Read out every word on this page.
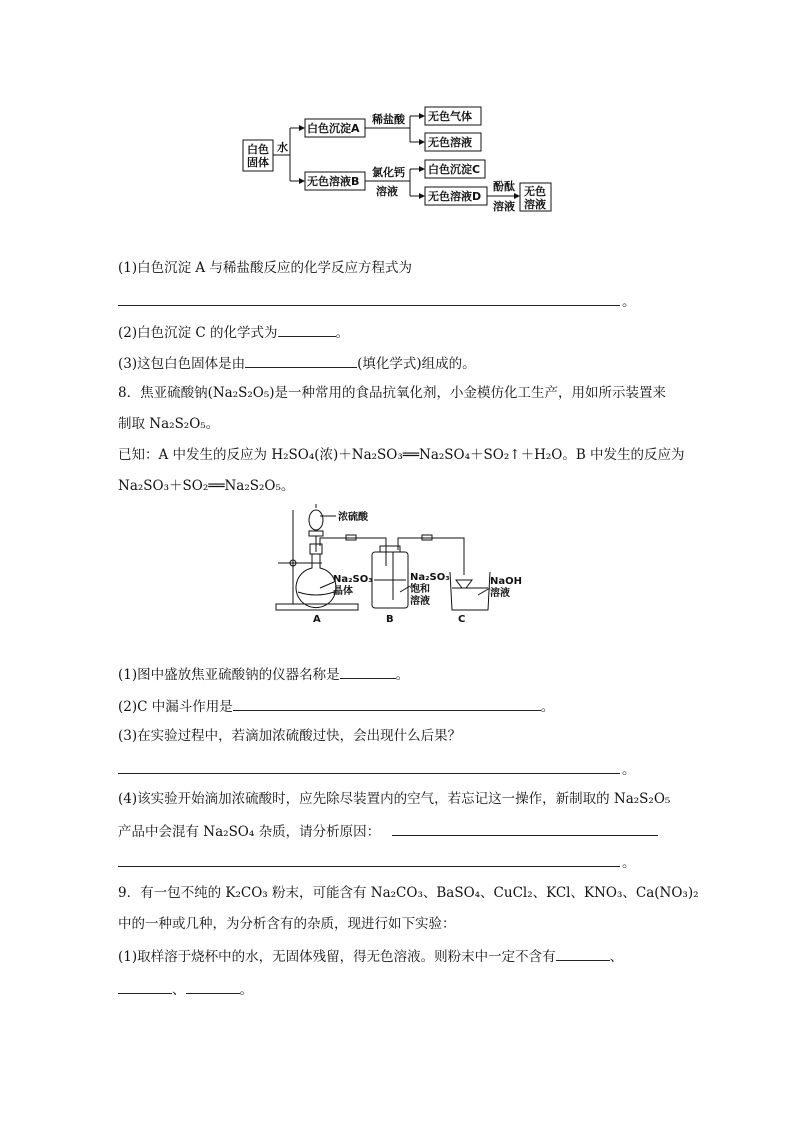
白色
固体
水
白色沉淀A
稀盐酸 无色气体
无色溶液
无色溶液B
氯化钙
溶液
白色沉淀C
无色溶液D
酚酞
溶液
无色
溶液
(1)白色沉淀 A 与稀盐酸反应的化学反应方程式为
。
(2)白色沉淀 C 的化学式为	。
(3)这包白色固体是由	(填化学式)组成的。
8．焦亚硫酸钠(Na₂S₂O₅)是一种常用的食品抗氧化剂，小金模仿化工生产，用如所示装置来
制取 Na₂S₂O₅。
已知：A 中发生的反应为 H₂SO₄(浓)＋Na₂SO₃══Na₂SO₄＋SO₂↑＋H₂O。B 中发生的反应为
Na₂SO₃＋SO₂══Na₂S₂O₅。
浓硫酸
Na₂SO₃
晶体
Na₂SO₃
饱和
溶液
NaOH
溶液
A	B	C
(1)图中盛放焦亚硫酸钠的仪器名称是	。
(2)C 中漏斗作用是	。
(3)在实验过程中，若滴加浓硫酸过快，会出现什么后果？
。
(4)该实验开始滴加浓硫酸时，应先除尽装置内的空气，若忘记这一操作，新制取的 Na₂S₂O₅
产品中会混有 Na₂SO₄ 杂质，请分析原因：
。
9．有一包不纯的 K₂CO₃ 粉末，可能含有 Na₂CO₃、BaSO₄、CuCl₂、KCl、KNO₃、Ca(NO₃)₂
中的一种或几种，为分析含有的杂质，现进行如下实验：
(1)取样溶于烧杯中的水，无固体残留，得无色溶液。则粉末中一定不含有	、
、	。
